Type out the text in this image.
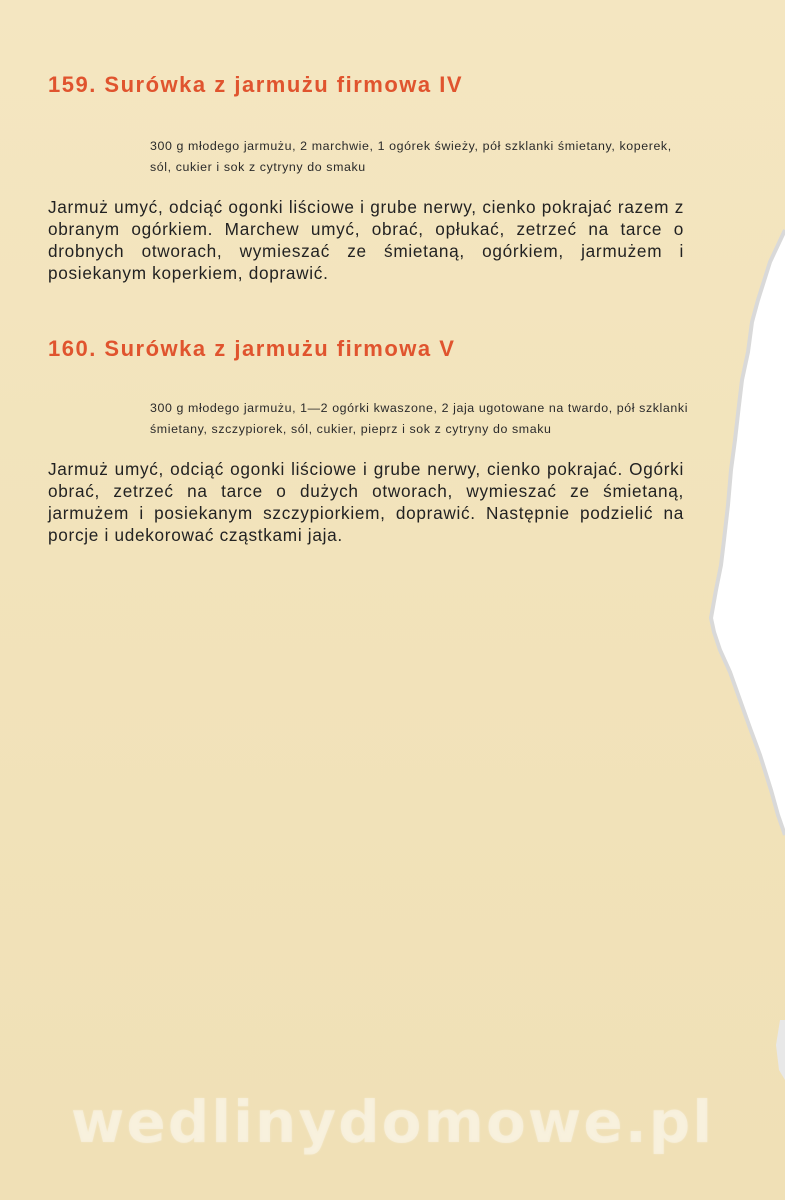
159. Surówka z jarmużu firmowa IV

300 g młodego jarmużu, 2 marchwie, 1 ogórek świeży, pół szklanki śmietany, koperek, sól, cukier i sok z cytryny do smaku

Jarmuż umyć, odciąć ogonki liściowe i grube nerwy, cienko pokrajać razem z obranym ogórkiem. Marchew umyć, obrać, opłukać, zetrzeć na tarce o drobnych otworach, wymieszać ze śmietaną, ogórkiem, jarmużem i posiekanym koperkiem, doprawić.

160. Surówka z jarmużu firmowa V

300 g młodego jarmużu, 1—2 ogórki kwaszone, 2 jaja ugotowane na twardo, pół szklanki śmietany, szczypiorek, sól, cukier, pieprz i sok z cytryny do smaku

Jarmuż umyć, odciąć ogonki liściowe i grube nerwy, cienko pokrajać. Ogórki obrać, zetrzeć na tarce o dużych otworach, wymieszać ze śmietaną, jarmużem i posiekanym szczypiorkiem, doprawić. Następnie podzielić na porcje i udekorować cząstkami jaja.

wedlinydomowe.pl
